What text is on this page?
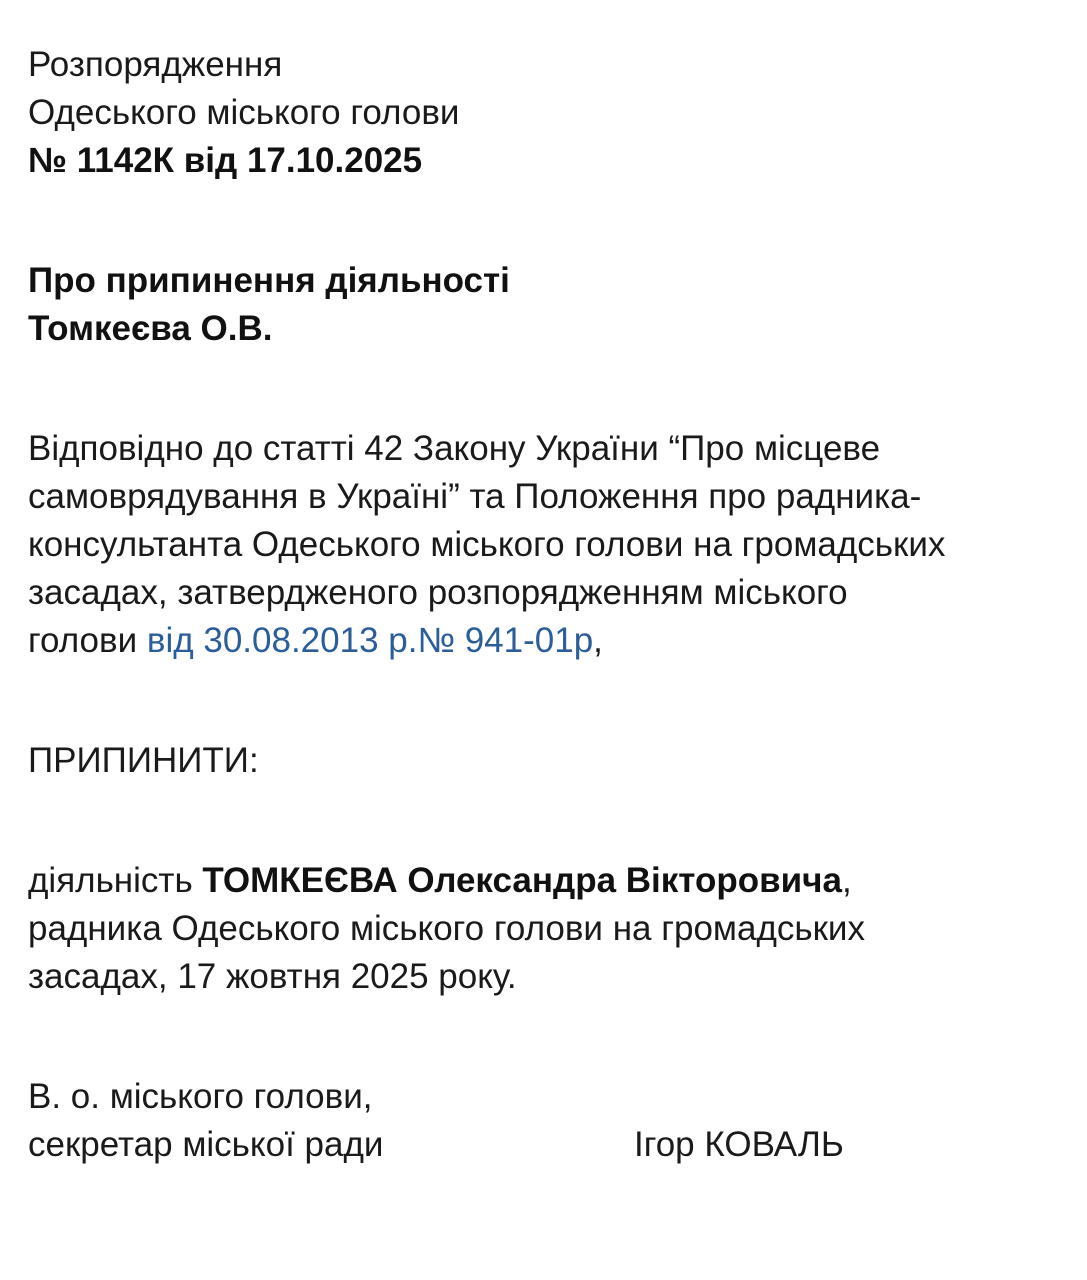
Розпорядження
Одеського міського голови
№ 1142К від 17.10.2025
Про припинення діяльності
Томкеєва О.В.
Відповідно до статті 42 Закону України “Про місцеве
самоврядування в Україні” та Положення про радника-
консультанта Одеського міського голови на громадських
засадах, затвердженого розпорядженням міського
голови від 30.08.2013 р.№ 941-01р,
ПРИПИНИТИ:
діяльність ТОМКЕЄВА Олександра Вікторовича,
радника Одеського міського голови на громадських
засадах, 17 жовтня 2025 року.
В. о. міського голови,
секретар міської ради	Ігор КОВАЛЬ
